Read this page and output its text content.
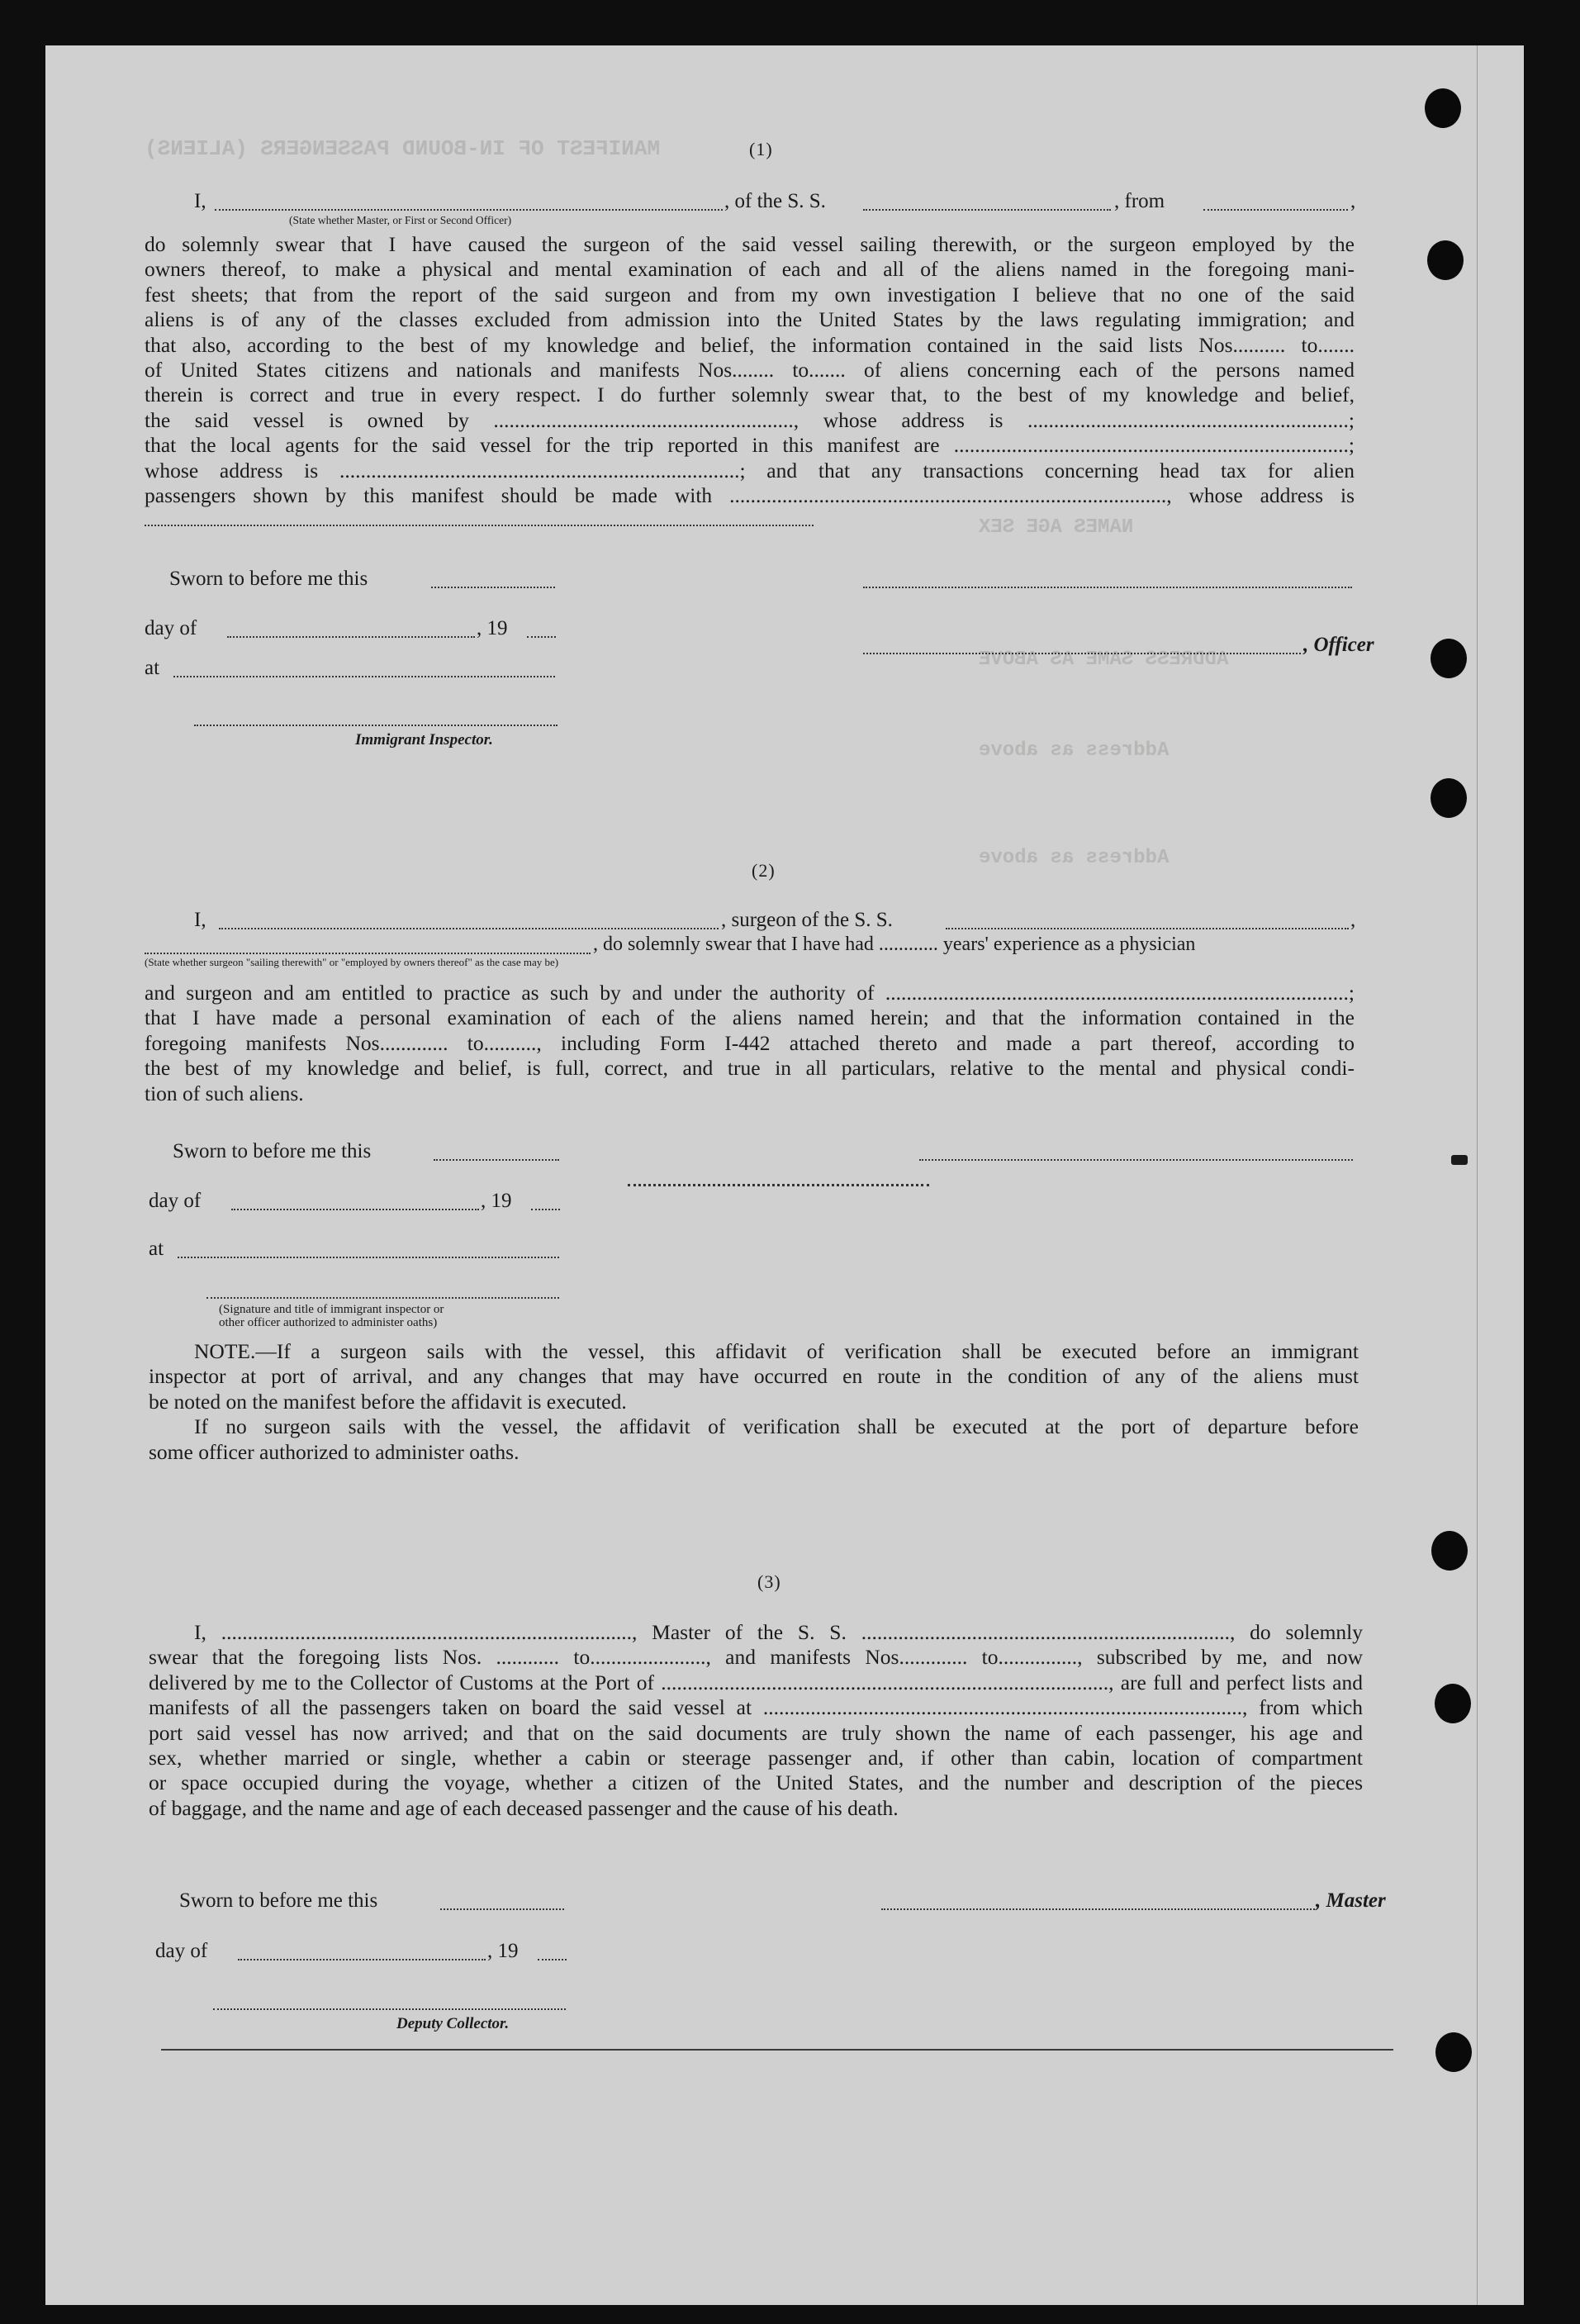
MANIFEST OF IN-BOUND PASSENGERS (ALIENS)
NAMES AGE SEX
ADDRESS SAME AS ABOVE
Address as above
Address as above
(1)
I,	, of the S. S.	, from	,
(State whether Master, or First or Second Officer)
do solemnly swear that I have caused the surgeon of the said vessel sailing therewith, or the surgeon employed by the
owners thereof, to make a physical and mental examination of each and all of the aliens named in the foregoing mani-
fest sheets; that from the report of the said surgeon and from my own investigation I believe that no one of the said
aliens is of any of the classes excluded from admission into the United States by the laws regulating immigration; and
that also, according to the best of my knowledge and belief, the information contained in the said lists Nos.......... to.......
of United States citizens and nationals and manifests Nos........ to....... of aliens concerning each of the persons named
therein is correct and true in every respect. I do further solemnly swear that, to the best of my knowledge and belief,
the said vessel is owned by ........................................................., whose address is .............................................................;
that the local agents for the said vessel for the trip reported in this manifest are ...........................................................................;
whose address is ............................................................................; and that any transactions concerning head tax for alien
passengers shown by this manifest should be made with ..................................................................................., whose address is
Sworn to before me this
day of	, 19
, Officer
at
Immigrant Inspector.
(2)
I,	, surgeon of the S. S.	,
, do solemnly swear that I have had ............ years' experience as a physician
(State whether surgeon "sailing therewith" or "employed by owners thereof" as the case may be)
and surgeon and am entitled to practice as such by and under the authority of ........................................................................................;
that I have made a personal examination of each of the aliens named herein; and that the information contained in the
foregoing manifests Nos............. to.........., including Form I-442 attached thereto and made a part thereof, according to
the best of my knowledge and belief, is full, correct, and true in all particulars, relative to the mental and physical condi-
tion of such aliens.
Sworn to before me this
day of	, 19
at
(Signature and title of immigrant inspector or
other officer authorized to administer oaths)
NOTE.—If a surgeon sails with the vessel, this affidavit of verification shall be executed before an immigrant
inspector at port of arrival, and any changes that may have occurred en route in the condition of any of the aliens must
be noted on the manifest before the affidavit is executed.
If no surgeon sails with the vessel, the affidavit of verification shall be executed at the port of departure before
some officer authorized to administer oaths.
(3)
I, .............................................................................., Master of the S. S. ......................................................................, do solemnly
swear that the foregoing lists Nos. ............ to......................, and manifests Nos............. to..............., subscribed by me, and now
delivered by me to the Collector of Customs at the Port of ....................................................................................., are full and perfect lists and
manifests of all the passengers taken on board the said vessel at ..........................................................................................., from which
port said vessel has now arrived; and that on the said documents are truly shown the name of each passenger, his age and
sex, whether married or single, whether a cabin or steerage passenger and, if other than cabin, location of compartment
or space occupied during the voyage, whether a citizen of the United States, and the number and description of the pieces
of baggage, and the name and age of each deceased passenger and the cause of his death.
Sworn to before me this	, Master
day of	, 19
Deputy Collector.
